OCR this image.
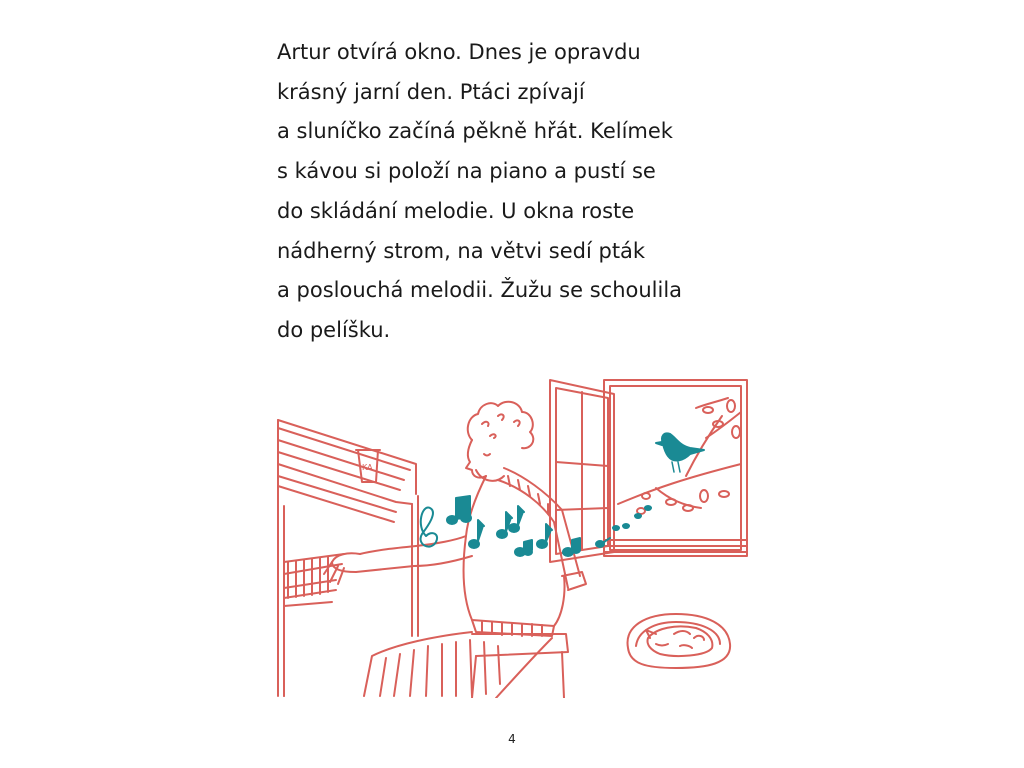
Artur otvírá okno. Dnes je opravdu
krásný jarní den. Ptáci zpívají
a sluníčko začíná pěkně hřát. Kelímek
s kávou si položí na piano a pustí se
do skládání melodie. U okna roste
nádherný strom, na větvi sedí pták
a poslouchá melodii. Žužu se schoulila
do pelíšku.

KA
4
